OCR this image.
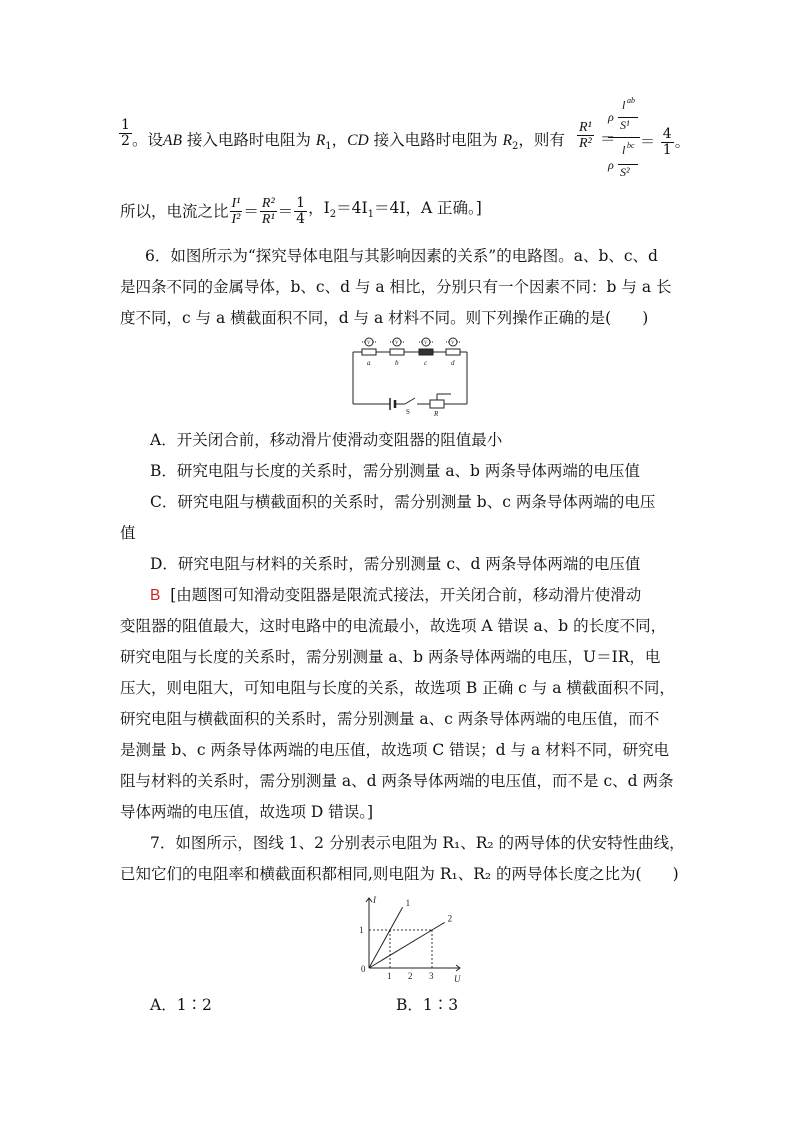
$\frac{1}{2}$ 。设AB 接入电路时电阻为 $R_1$，CD 接入电路时电阻为 $R_2$，则有 $\frac{\text{R¹}}{\text{R²}}$ ＝
l ab
ρ
S¹
l bc
ρ S²
＝ $\frac{4}{1}$ 。
所以，电流之比 $\frac{\text{I¹}}{\text{I²}} = \frac{\text{R²}}{\text{R¹}} = \frac{1}{4}$ ，$I_2=4I_1=4I$，A 正确。]
6．如图所示为“探究导体电阻与其影响因素的关系”的电路图。a、b、c、d
是四条不同的金属导体，b、c、d 与 a 相比，分别只有一个因素不同：b 与 a 长
度不同，c 与 a 横截面积不同，d 与 a 材料不同。则下列操作正确的是(　　)
a	b	c	d
V	V	V	V
S	R
A．开关闭合前，移动滑片使滑动变阻器的阻值最小
B．研究电阻与长度的关系时，需分别测量 a、b 两条导体两端的电压值
C．研究电阻与横截面积的关系时，需分别测量 b、c 两条导体两端的电压
值
D．研究电阻与材料的关系时，需分别测量 c、d 两条导体两端的电压值
B [由题图可知滑动变阻器是限流式接法，开关闭合前，移动滑片使滑动
变阻器的阻值最大，这时电路中的电流最小，故选项 A 错误 a、b 的长度不同，
研究电阻与长度的关系时，需分别测量 a、b 两条导体两端的电压，U＝IR，电
压大，则电阻大，可知电阻与长度的关系，故选项 B 正确 c 与 a 横截面积不同，
研究电阻与横截面积的关系时，需分别测量 a、c 两条导体两端的电压值，而不
是测量 b、c 两条导体两端的电压值，故选项 C 错误；d 与 a 材料不同，研究电
阻与材料的关系时，需分别测量 a、d 两条导体两端的电压值，而不是 c、d 两条
导体两端的电压值，故选项 D 错误。]
7．如图所示，图线 1、2 分别表示电阻为 R₁、R₂ 的两导体的伏安特性曲线，
已知它们的电阻率和横截面积都相同,则电阻为 R₁、R₂ 的两导体长度之比为(　　)
1
2
1 2 3
1
I
U
0
A．1∶2	B．1∶3
